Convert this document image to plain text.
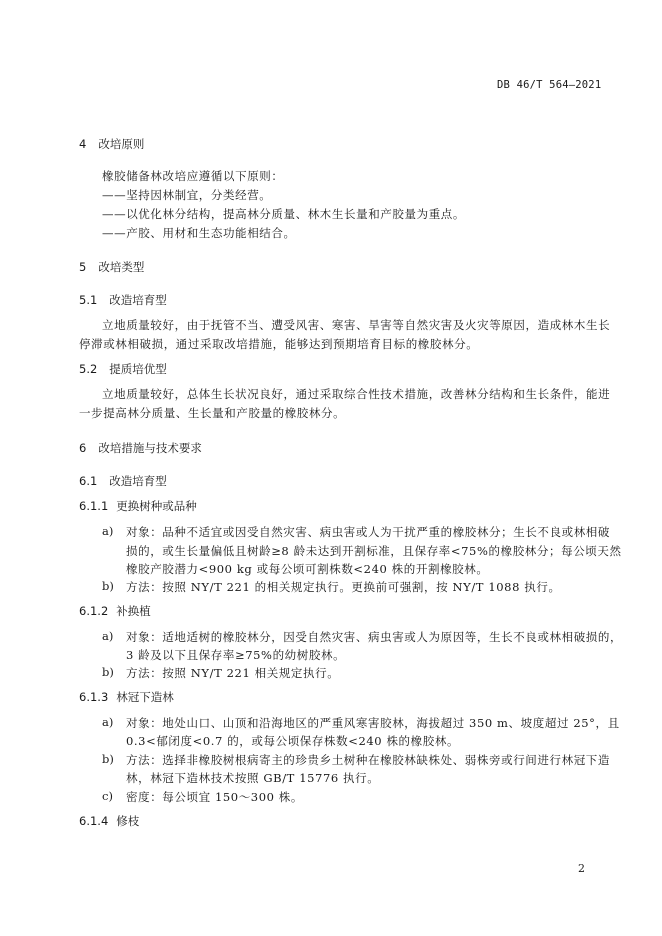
DB 46/T 564—2021
4 改培原则
橡胶储备林改培应遵循以下原则：
——坚持因林制宜，分类经营。
——以优化林分结构，提高林分质量、林木生长量和产胶量为重点。
——产胶、用材和生态功能相结合。
5 改培类型
5.1 改造培育型
立地质量较好，由于抚管不当、遭受风害、寒害、旱害等自然灾害及火灾等原因，造成林木生长
停滞或林相破损，通过采取改培措施，能够达到预期培育目标的橡胶林分。
5.2 提质培优型
立地质量较好，总体生长状况良好，通过采取综合性技术措施，改善林分结构和生长条件，能进
一步提高林分质量、生长量和产胶量的橡胶林分。
6 改培措施与技术要求
6.1 改造培育型
6.1.1 更换树种或品种
a) 对象：品种不适宜或因受自然灾害、病虫害或人为干扰严重的橡胶林分；生长不良或林相破
损的，或生长量偏低且树龄≥8 龄未达到开割标准，且保存率<75%的橡胶林分；每公顷天然
橡胶产胶潜力<900 kg 或每公顷可割株数<240 株的开割橡胶林。
b) 方法：按照 NY/T 221 的相关规定执行。更换前可强割，按 NY/T 1088 执行。
6.1.2 补换植
a) 对象：适地适树的橡胶林分，因受自然灾害、病虫害或人为原因等，生长不良或林相破损的，
3 龄及以下且保存率≥75%的幼树胶林。
b) 方法：按照 NY/T 221 相关规定执行。
6.1.3 林冠下造林
a) 对象：地处山口、山顶和沿海地区的严重风寒害胶林，海拔超过 350 m、坡度超过 25°，且
0.3<郁闭度<0.7 的，或每公顷保存株数<240 株的橡胶林。
b) 方法：选择非橡胶树根病寄主的珍贵乡土树种在橡胶林缺株处、弱株旁或行间进行林冠下造
林，林冠下造林技术按照 GB/T 15776 执行。
c) 密度：每公顷宜 150～300 株。
6.1.4 修枝
2
